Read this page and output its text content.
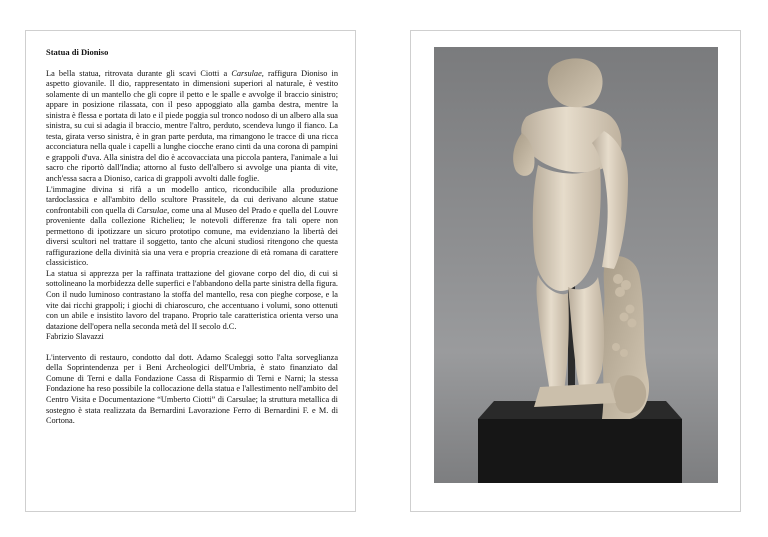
Statua di Dioniso
La bella statua, ritrovata durante gli scavi Ciotti a Carsulae, raffigura Dioniso in aspetto giovanile. Il dio, rappresentato in dimensioni superiori al naturale, è vestito solamente di un mantello che gli copre il petto e le spalle e avvolge il braccio sinistro; appare in posizione rilassata, con il peso appoggiato alla gamba destra, mentre la sinistra è flessa e portata di lato e il piede poggia sul tronco nodoso di un albero alla sua sinistra, su cui si adagia il braccio, mentre l'altro, perduto, scendeva lungo il fianco. La testa, girata verso sinistra, è in gran parte perduta, ma rimangono le tracce di una ricca acconciatura nella quale i capelli a lunghe ciocche erano cinti da una corona di pampini e grappoli d'uva. Alla sinistra del dio è accovacciata una piccola pantera, l'animale a lui sacro che riportò dall'India; attorno al fusto dell'albero si avvolge una pianta di vite, anch'essa sacra a Dioniso, carica di grappoli avvolti dalle foglie.
L'immagine divina si rifà a un modello antico, riconducibile alla produzione tardoclassica e all'ambito dello scultore Prassitele, da cui derivano alcune statue confrontabili con quella di Carsulae, come una al Museo del Prado e quella del Louvre proveniente dalla collezione Richelieu; le notevoli differenze fra tali opere non permettono di ipotizzare un sicuro prototipo comune, ma evidenziano la libertà dei diversi scultori nel trattare il soggetto, tanto che alcuni studiosi ritengono che questa raffigurazione della divinità sia una vera e propria creazione di età romana di carattere classicistico.
La statua si apprezza per la raffinata trattazione del giovane corpo del dio, di cui si sottolineano la morbidezza delle superfici e l'abbandono della parte sinistra della figura. Con il nudo luminoso contrastano la stoffa del mantello, resa con pieghe corpose, e la vite dai ricchi grappoli; i giochi di chiaroscuro, che accentuano i volumi, sono ottenuti con un abile e insistito lavoro del trapano. Proprio tale caratteristica orienta verso una datazione dell'opera nella seconda metà del II secolo d.C.
Fabrizio Slavazzi
L'intervento di restauro, condotto dal dott. Adamo Scaleggi sotto l'alta sorveglianza della Soprintendenza per i Beni Archeologici dell'Umbria, è stato finanziato dal Comune di Terni e dalla Fondazione Cassa di Risparmio di Terni e Narni; la stessa Fondazione ha reso possibile la collocazione della statua e l'allestimento nell'ambito del Centro Visita e Documentazione “Umberto Ciotti” di Carsulae; la struttura metallica di sostegno è stata realizzata da Bernardini Lavorazione Ferro di Bernardini F. e M. di Cortona.
